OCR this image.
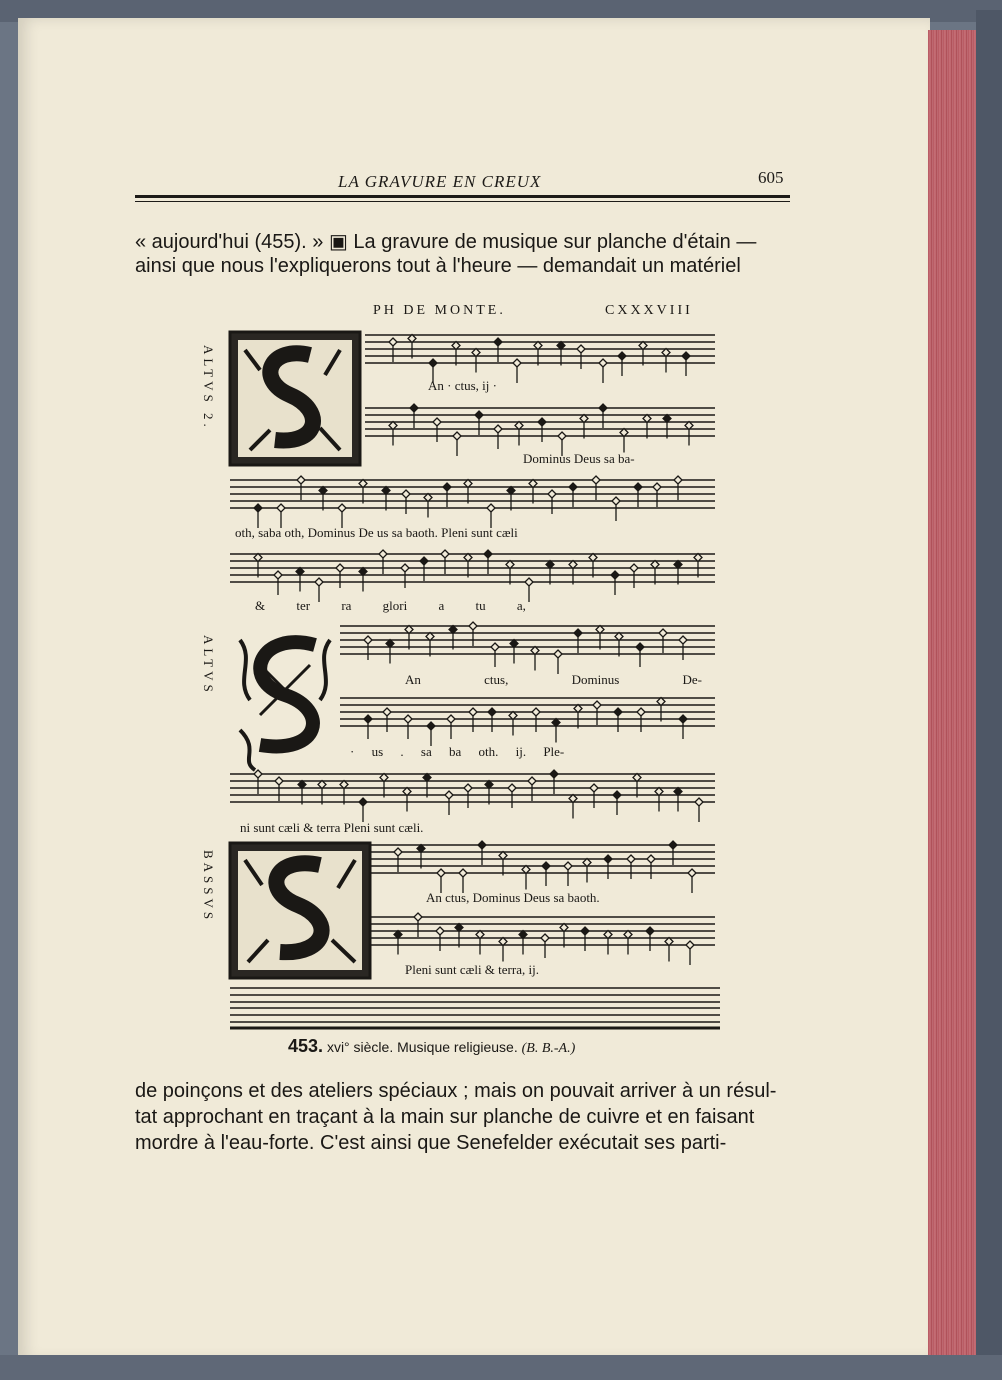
LA GRAVURE EN CREUX	605
« aujourd'hui (455). » ▣ La gravure de musique sur planche d'étain —
ainsi que nous l'expliquerons tout à l'heure — demandait un matériel
PH DE MONTE.	CXXXVIII
An · ctus, ij ·
Dominus Deus sa ba-
oth, saba oth, Dominus De us sa baoth. Pleni sunt cæli
& ter ra glori a tu a,
An ctus, Dominus De-
· us . sa ba oth. ij. Ple-
ni sunt cæli & terra Pleni sunt cæli.
An ctus, Dominus Deus sa baoth.
Pleni sunt cæli & terra, ij.
ALTVS 2.
ALTVS
BASSVS
453. xvi° siècle. Musique religieuse. (B. B.-A.)
de poinçons et des ateliers spéciaux ; mais on pouvait arriver à un résul-
tat approchant en traçant à la main sur planche de cuivre et en faisant
mordre à l'eau-forte. C'est ainsi que Senefelder exécutait ses parti-
